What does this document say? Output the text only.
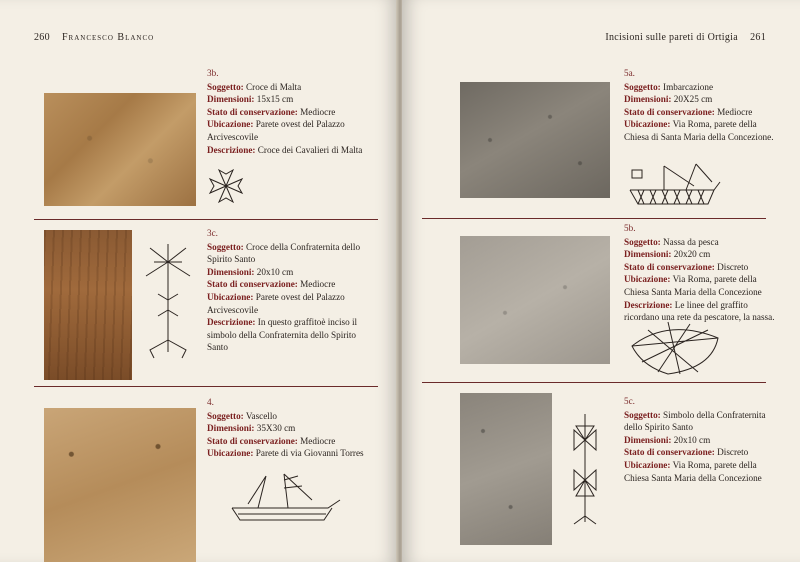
260 Francesco Blanco
3b.

Soggetto: Croce di Malta

Dimensioni: 15x15 cm

Stato di conservazione: Mediocre

Ubicazione: Parete ovest del Palazzo Arcivescovile

Descrizione: Croce dei Cavalieri di Malta

3c.

Soggetto: Croce della Confraternita dello Spirito Santo

Dimensioni: 20x10 cm

Stato di conservazione: Mediocre

Ubicazione: Parete ovest del Palazzo Arcivescovile

Descrizione: In questo graffitoè inciso il simbolo della Confraternita dello Spirito Santo

4.

Soggetto: Vascello

Dimensioni: 35X30 cm

Stato di conservazione: Mediocre

Ubicazione: Parete di via Giovanni Torres

Incisioni sulle pareti di Ortigia 261
5a.

Soggetto: Imbarcazione

Dimensioni: 20X25 cm

Stato di conservazione: Mediocre

Ubicazione: Via Roma, parete della Chiesa di Santa Maria della Concezione.

5b.

Soggetto: Nassa da pesca

Dimensioni: 20x20 cm

Stato di conservazione: Discreto

Ubicazione: Via Roma, parete della Chiesa Santa Maria della Concezione

Descrizione: Le linee del graffito ricordano una rete da pescatore, la nassa.

5c.

Soggetto: Simbolo della Confraternita dello Spirito Santo

Dimensioni: 20x10 cm

Stato di conservazione: Discreto

Ubicazione: Via Roma, parete della Chiesa Santa Maria della Concezione
